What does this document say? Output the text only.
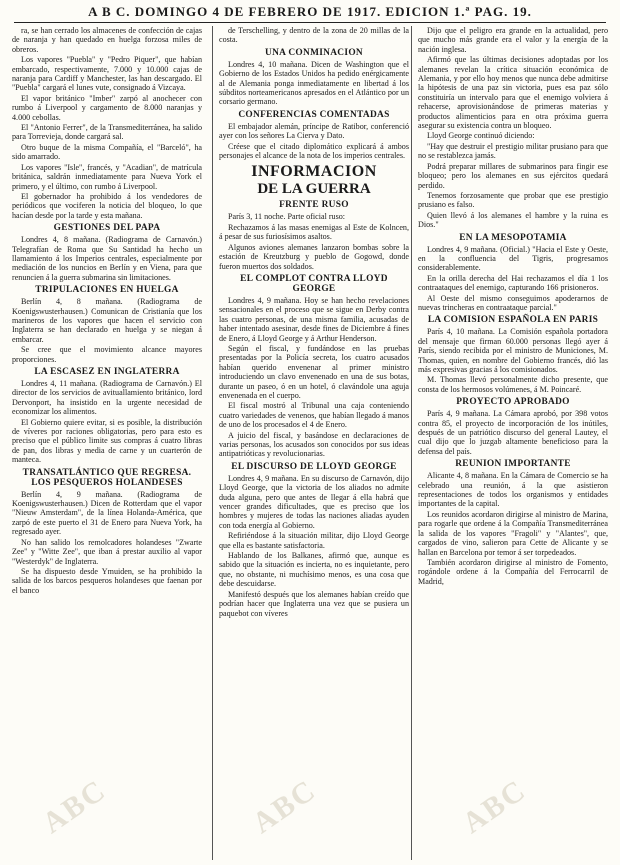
A B C. DOMINGO 4 DE FEBRERO DE 1917. EDICION 1.ª PAG. 19.
ABC	ABC	ABC

ra, se han cerrado los almacenes de confección de cajas de naranja y han quedado en huelga forzosa miles de obreros.

Los vapores "Puebla" y "Pedro Piquer", que habían embarcado, respectivamente, 7.000 y 10.000 cajas de naranja para Cardiff y Manchester, las han descargado. El "Puebla" cargará el lunes vute, consignado á Vizcaya.

El vapor británico "Imber" zarpó al anochecer con rumbo á Liverpool y cargamento de 8.000 naranjas y 4.000 cebollas.

El "Antonio Ferrer", de la Transmediterránea, ha salido para Torrevieja, donde cargará sal.

Otro buque de la misma Compañía, el "Barceló", ha sido amarrado.

Los vapores "Isle", francés, y "Acadian", de matrícula británica, saldrán inmediatamente para Nueva York el primero, y el último, con rumbo á Liverpool.

El gobernador ha prohibido á los vendedores de periódicos que vociferen la noticia del bloqueo, lo que hacían desde por la tarde y esta mañana.

GESTIONES DEL PAPA

Londres 4, 8 mañana. (Radiograma de Carnavón.) Telegrafían de Roma que Su Santidad ha hecho un llamamiento á los Imperios centrales, especialmente por mediación de los nuncios en Berlín y en Viena, para que renuncien á la guerra submarina sin limitaciones.

TRIPULACIONES EN HUELGA

Berlín 4, 8 mañana. (Radiograma de Koenigswusterhausen.) Comunican de Cristianía que los marineros de los vapores que hacen el servicio con Inglaterra se han declarado en huelga y se niegan á embarcar.

Se cree que el movimiento alcance mayores proporciones.

LA ESCASEZ EN INGLATERRA

Londres 4, 11 mañana. (Radiograma de Carnavón.) El director de los servicios de avituallamiento británico, lord Dervonport, ha insistido en la urgente necesidad de economizar los alimentos.

El Gobierno quiere evitar, si es posible, la distribución de víveres por raciones obligatorias, pero para esto es preciso que el público limite sus compras á cuatro libras de pan, dos libras y media de carne y un cuarterón de manteca.

TRANSATLÁNTICO QUE REGRESA. LOS PESQUEROS HOLANDESES

Berlín 4, 9 mañana. (Radiograma de Koenigswusterhausen.) Dicen de Rotterdam que el vapor "Nieuw Amsterdam", de la línea Holanda-América, que zarpó de este puerto el 31 de Enero para Nueva York, ha regresado ayer.

No han salido los remolcadores holandeses "Zwarte Zee" y "Witte Zee", que iban á prestar auxilio al vapor "Westerdyk" de Inglaterra.

Se ha dispuesto desde Ymuiden, se ha prohibido la salida de los barcos pesqueros holandeses que faenan por el banco

de Terschelling, y dentro de la zona de 20 millas de la costa.

UNA CONMINACION

Londres 4, 10 mañana. Dicen de Washington que el Gobierno de los Estados Unidos ha pedido enérgicamente al de Alemania ponga inmediatamente en libertad á los súbditos norteamericanos apresados en el Atlántico por un corsario germano.

CONFERENCIAS COMENTADAS

El embajador alemán, príncipe de Ratibor, conferenció ayer con los señores La Cierva y Dato.

Créese que el citado diplomático explicará á ambos personajes el alcance de la nota de los imperios centrales.

INFORMACION
DE LA GUERRA
FRENTE RUSO

París 3, 11 noche. Parte oficial ruso:

Rechazamos á las masas enemigas al Este de Kolncen, á pesar de sus furiosísimos asaltos.

Algunos aviones alemanes lanzaron bombas sobre la estación de Kreutzburg y pueblo de Gogowd, donde fueron muertos dos soldados.

EL COMPLOT CONTRA LLOYD GEORGE

Londres 4, 9 mañana. Hoy se han hecho revelaciones sensacionales en el proceso que se sigue en Derby contra las cuatro personas, de una misma familia, acusadas de haber intentado asesinar, desde fines de Diciembre á fines de Enero, á Lloyd George y á Arthur Henderson.

Según el fiscal, y fundándose en las pruebas presentadas por la Policía secreta, los cuatro acusados habían querido envenenar al primer ministro introduciendo un clavo envenenado en una de sus botas, durante un paseo, ó en un hotel, ó clavándole una aguja envenenada en el cuerpo.

El fiscal mostró al Tribunal una caja conteniendo cuatro variedades de venenos, que habían llegado á manos de uno de los procesados el 4 de Enero.

A juicio del fiscal, y basándose en declaraciones de varias personas, los acusados son conocidos por sus ideas antipatrióticas y revolucionarias.

EL DISCURSO DE LLOYD GEORGE

Londres 4, 9 mañana. En su discurso de Carnavón, dijo Lloyd George, que la victoria de los aliados no admite duda alguna, pero que antes de llegar á ella habrá que vencer grandes dificultades, que es preciso que los hombres y mujeres de todas las naciones aliadas ayuden con toda energía al Gobierno.

Refiriéndose á la situación militar, dijo Lloyd George que ella es bastante satisfactoria.

Hablando de los Balkanes, afirmó que, aunque es sabido que la situación es incierta, no es inquietante, pero que, no obstante, ni muchísimo menos, es una cosa que debe descuidarse.

Manifestó después que los alemanes habían creído que podrían hacer que Inglaterra una vez que se pusiera un paquebot con víveres

Dijo que el peligro era grande en la actualidad, pero que mucho más grande era el valor y la energía de la nación inglesa.

Afirmó que las últimas decisiones adoptadas por los alemanes revelan la crítica situación económica de Alemania, y por ello hoy menos que nunca debe admitirse la hipótesis de una paz sin victoria, pues esa paz sólo constituiría un intervalo para que el enemigo volviera á rehacerse, aprovisionándose de primeras materias y productos alimenticios para en otra próxima guerra asegurar su existencia contra un bloqueo.

Lloyd George continuó diciendo:

"Hay que destruir el prestigio militar prusiano para que no se restablezca jamás.

Podrá preparar millares de submarinos para fingir ese bloqueo; pero los alemanes en sus ejércitos quedará perdido.

Tenemos forzosamente que probar que ese prestigio prusiano es falso.

Quien llevó á los alemanes el hambre y la ruina es Dios."

EN LA MESOPOTAMIA

Londres 4, 9 mañana. (Oficial.) "Hacia el Este y Oeste, en la confluencia del Tigris, progresamos considerablemente.

En la orilla derecha del Hai rechazamos el día 1 los contraataques del enemigo, capturando 166 prisioneros.

Al Oeste del mismo conseguimos apoderarnos de nuevas trincheras en contraataque parcial."

LA COMISION ESPAÑOLA EN PARIS

París 4, 10 mañana. La Comisión española portadora del mensaje que firman 60.000 personas llegó ayer á París, siendo recibida por el ministro de Municiones, M. Thomas, quien, en nombre del Gobierno francés, dió las más expresivas gracias á los comisionados.

M. Thomas llevó personalmente dicho presente, que consta de los hermosos volúmenes, á M. Poincaré.

PROYECTO APROBADO

París 4, 9 mañana. La Cámara aprobó, por 398 votos contra 85, el proyecto de incorporación de los inútiles, después de un patriótico discurso del general Lautey, el cual dijo que lo juzgab altamente beneficioso para la defensa del país.

REUNION IMPORTANTE

Alicante 4, 8 mañana. En la Cámara de Comercio se ha celebrado una reunión, á la que asistieron representaciones de todos los organismos y entidades importantes de la capital.

Los reunidos acordaron dirigirse al ministro de Marina, para rogarle que ordene á la Compañía Transmediterránea la salida de los vapores "Fragoli" y "Alantes", que, cargados de vino, salieron para Cette de Alicante y se hallan en Barcelona por temor á ser torpedeados.

También acordaron dirigirse al ministro de Fomento, rogándole ordene á la Compañía del Ferrocarril de Madrid,
